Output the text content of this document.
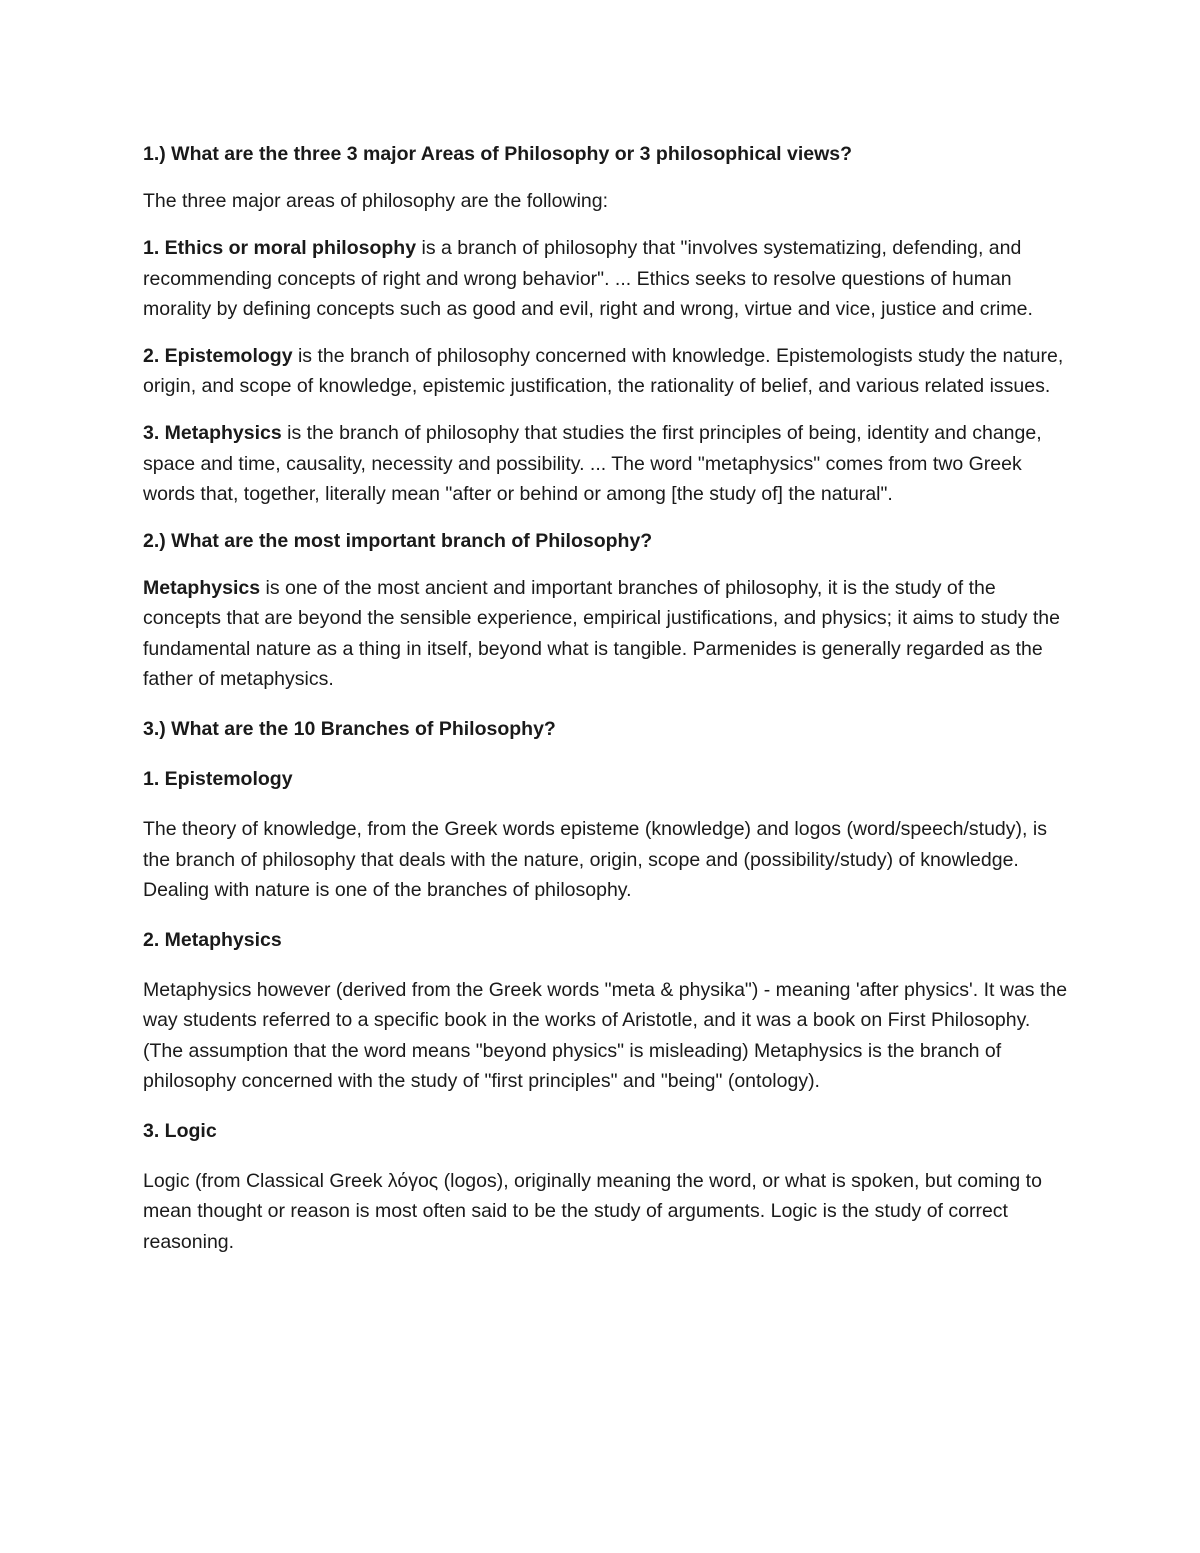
1.) What are the three 3 major Areas of Philosophy or 3 philosophical views?

The three major areas of philosophy are the following:

1. Ethics or moral philosophy is a branch of philosophy that "involves systematizing, defending, and recommending concepts of right and wrong behavior". ... Ethics seeks to resolve questions of human morality by defining concepts such as good and evil, right and wrong, virtue and vice, justice and crime.

2. Epistemology is the branch of philosophy concerned with knowledge. Epistemologists study the nature, origin, and scope of knowledge, epistemic justification, the rationality of belief, and various related issues.

3. Metaphysics is the branch of philosophy that studies the first principles of being, identity and change, space and time, causality, necessity and possibility. ... The word "metaphysics" comes from two Greek words that, together, literally mean "after or behind or among [the study of] the natural".

2.) What are the most important branch of Philosophy?

Metaphysics is one of the most ancient and important branches of philosophy, it is the study of the concepts that are beyond the sensible experience, empirical justifications, and physics; it aims to study the fundamental nature as a thing in itself, beyond what is tangible. Parmenides is generally regarded as the father of metaphysics.

3.) What are the 10 Branches of Philosophy?

1. Epistemology

The theory of knowledge, from the Greek words episteme (knowledge) and logos (word/speech/study), is the branch of philosophy that deals with the nature, origin, scope and (possibility/study) of knowledge. Dealing with nature is one of the branches of philosophy.

2. Metaphysics

Metaphysics however (derived from the Greek words "meta & physika") - meaning 'after physics'. It was the way students referred to a specific book in the works of Aristotle, and it was a book on First Philosophy. (The assumption that the word means "beyond physics" is misleading) Metaphysics is the branch of philosophy concerned with the study of "first principles" and "being" (ontology).

3. Logic

Logic (from Classical Greek λόγος (logos), originally meaning the word, or what is spoken, but coming to mean thought or reason is most often said to be the study of arguments. Logic is the study of correct reasoning.
